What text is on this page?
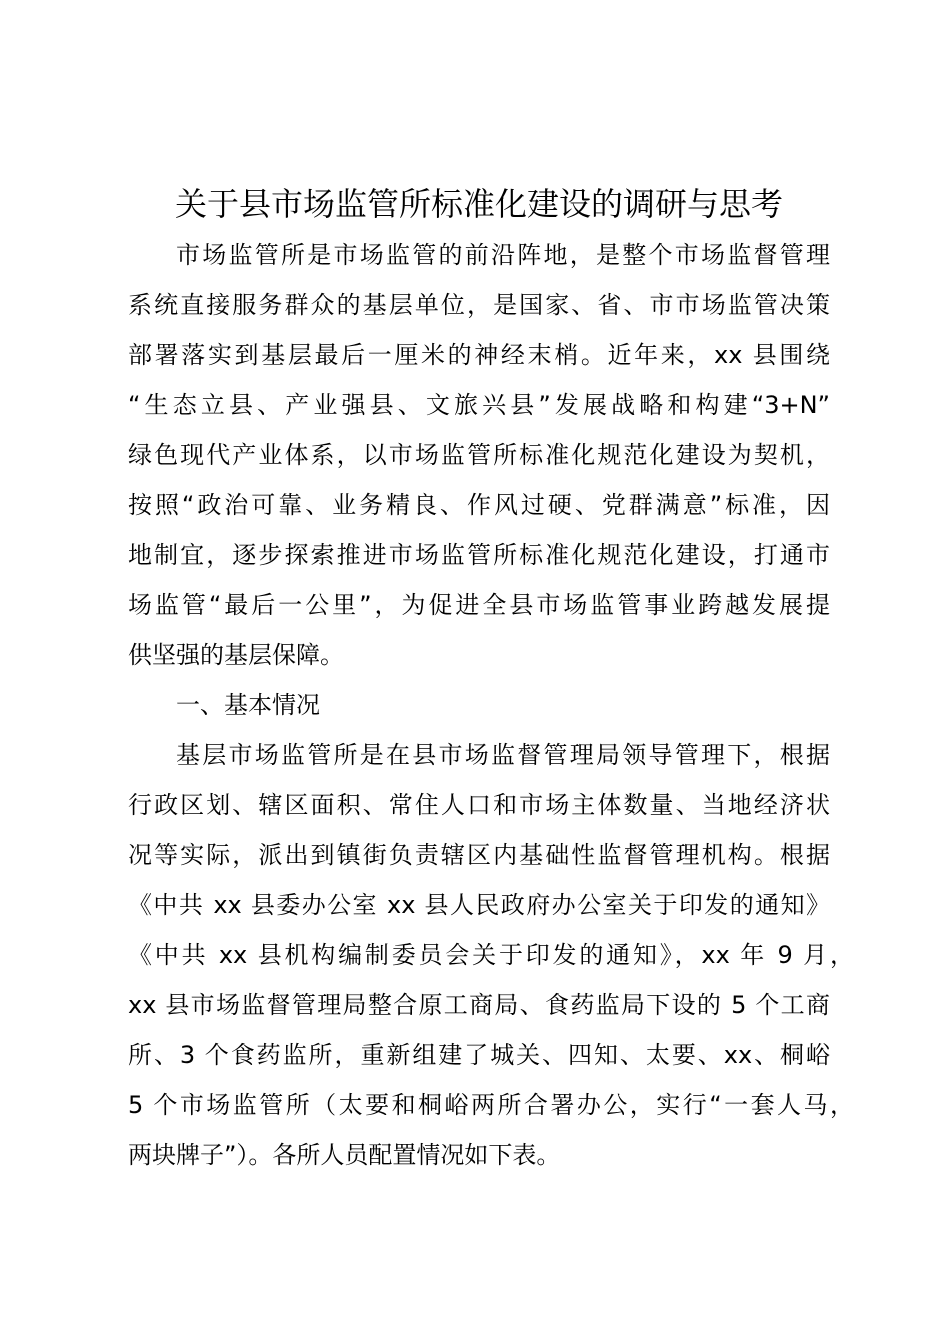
关于县市场监管所标准化建设的调研与思考

市场监管所是市场监管的前沿阵地，是整个市场监督管理

系统直接服务群众的基层单位，是国家、省、市市场监管决策

部署落实到基层最后一厘米的神经末梢。近年来，xx 县围绕

“生态立县、产业强县、文旅兴县”发展战略和构建“3+N”

绿色现代产业体系，以市场监管所标准化规范化建设为契机，

按照“政治可靠、业务精良、作风过硬、党群满意”标准，因

地制宜，逐步探索推进市场监管所标准化规范化建设，打通市

场监管“最后一公里”，为促进全县市场监管事业跨越发展提

供坚强的基层保障。

一、基本情况

基层市场监管所是在县市场监督管理局领导管理下，根据

行政区划、辖区面积、常住人口和市场主体数量、当地经济状

况等实际，派出到镇街负责辖区内基础性监督管理机构。根据

《中共 xx 县委办公室 xx 县人民政府办公室关于印发的通知》

《中共 xx 县机构编制委员会关于印发的通知》，xx 年 9 月，

xx 县市场监督管理局整合原工商局、食药监局下设的 5 个工商

所、3 个食药监所，重新组建了城关、四知、太要、xx、桐峪

5 个市场监管所（太要和桐峪两所合署办公，实行“一套人马，

两块牌子”）。各所人员配置情况如下表。
